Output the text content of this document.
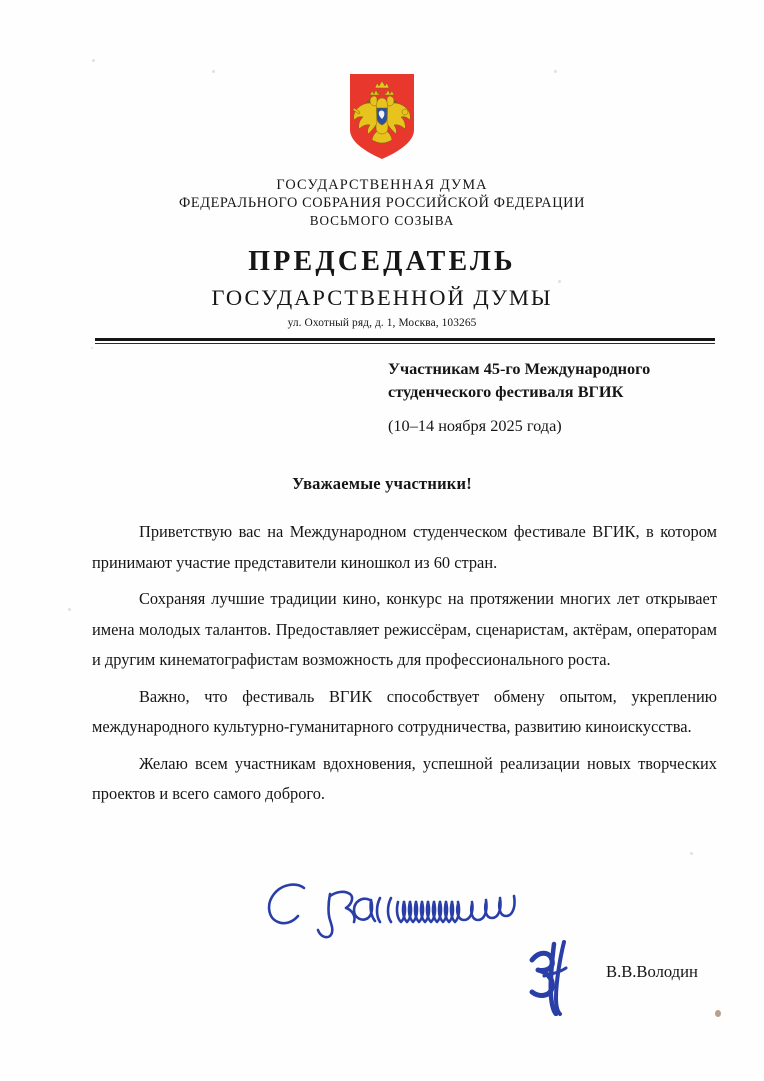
ГОСУДАРСТВЕННАЯ ДУМА
ФЕДЕРАЛЬНОГО СОБРАНИЯ РОССИЙСКОЙ ФЕДЕРАЦИИ
ВОСЬМОГО СОЗЫВА
ПРЕДСЕДАТЕЛЬ
ГОСУДАРСТВЕННОЙ ДУМЫ
ул. Охотный ряд, д. 1, Москва, 103265
Участникам 45-го Международного
студенческого фестиваля ВГИК
(10–14 ноября 2025 года)
Уважаемые участники!

Приветствую вас на Международном студенческом фестивале ВГИК, в котором принимают участие представители киношкол из 60 стран.

Сохраняя лучшие традиции кино, конкурс на протяжении многих лет открывает имена молодых талантов. Предоставляет режиссёрам, сценаристам, актёрам, операторам и другим кинематографистам возможность для профессионального роста.

Важно, что фестиваль ВГИК способствует обмену опытом, укреплению международного культурно-гуманитарного сотрудничества, развитию киноискусства.

Желаю всем участникам вдохновения, успешной реализации новых творческих проектов и всего самого доброго.

В.В.Володин
